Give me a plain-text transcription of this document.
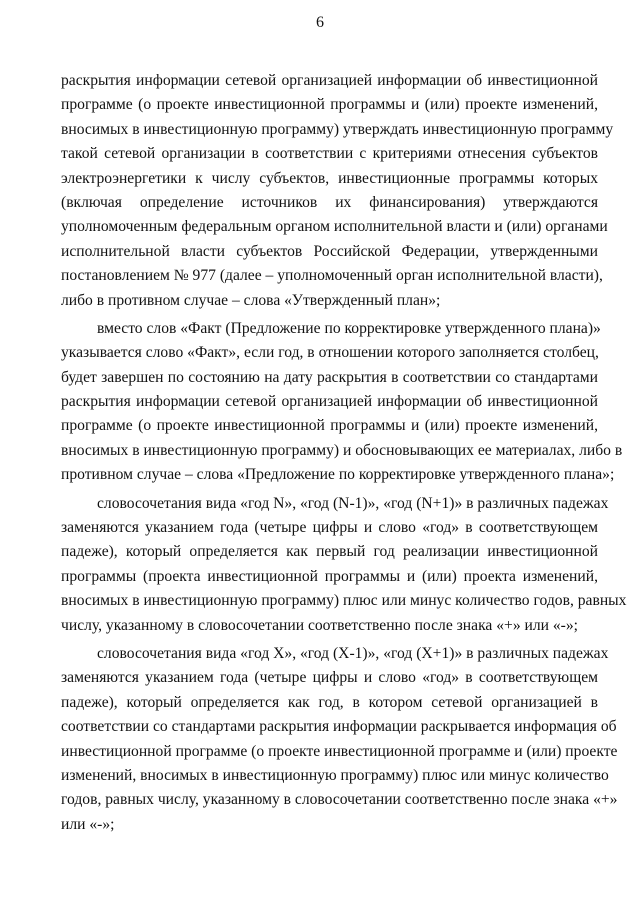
6
раскрытия информации сетевой организацией информации об инвестиционной
программе (о проекте инвестиционной программы и (или) проекте изменений,
вносимых в инвестиционную программу) утверждать инвестиционную программу
такой сетевой организации в соответствии с критериями отнесения субъектов
электроэнергетики к числу субъектов, инвестиционные программы которых
(включая определение источников их финансирования) утверждаются
уполномоченным федеральным органом исполнительной власти и (или) органами
исполнительной власти субъектов Российской Федерации, утвержденными
постановлением № 977 (далее – уполномоченный орган исполнительной власти),
либо в противном случае – слова «Утвержденный план»;
вместо слов «Факт (Предложение по корректировке утвержденного плана)»
указывается слово «Факт», если год, в отношении которого заполняется столбец,
будет завершен по состоянию на дату раскрытия в соответствии со стандартами
раскрытия информации сетевой организацией информации об инвестиционной
программе (о проекте инвестиционной программы и (или) проекте изменений,
вносимых в инвестиционную программу) и обосновывающих ее материалах, либо в
противном случае – слова «Предложение по корректировке утвержденного плана»;
словосочетания вида «год N», «год (N-1)», «год (N+1)» в различных падежах
заменяются указанием года (четыре цифры и слово «год» в соответствующем
падеже), который определяется как первый год реализации инвестиционной
программы (проекта инвестиционной программы и (или) проекта изменений,
вносимых в инвестиционную программу) плюс или минус количество годов, равных
числу, указанному в словосочетании соответственно после знака «+» или «-»;
словосочетания вида «год X», «год (X-1)», «год (X+1)» в различных падежах
заменяются указанием года (четыре цифры и слово «год» в соответствующем
падеже), который определяется как год, в котором сетевой организацией в
соответствии со стандартами раскрытия информации раскрывается информация об
инвестиционной программе (о проекте инвестиционной программе и (или) проекте
изменений, вносимых в инвестиционную программу) плюс или минус количество
годов, равных числу, указанному в словосочетании соответственно после знака «+»
или «-»;
